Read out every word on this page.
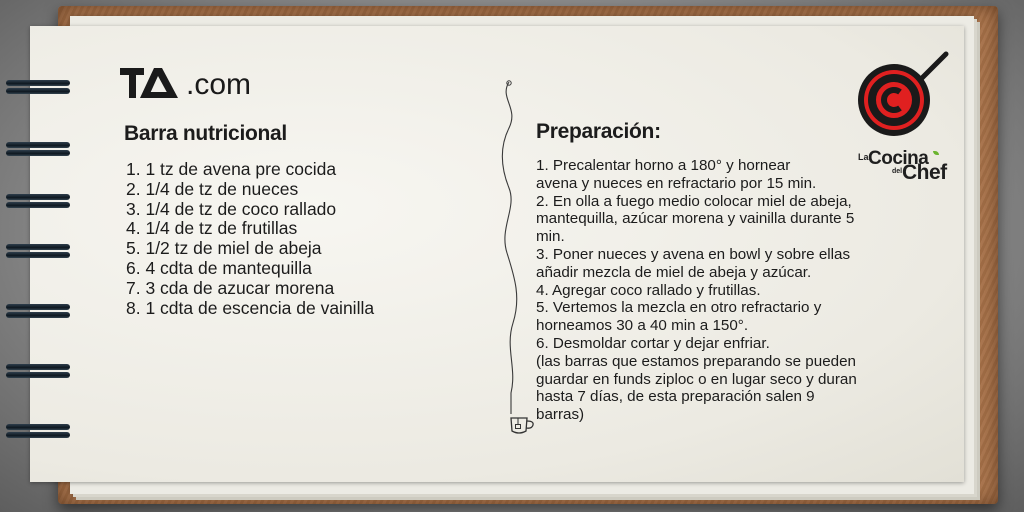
.com
Barra nutricional
1. 1 tz de avena pre cocida
2. 1/4 de tz de nueces
3. 1/4 de tz de coco rallado
4. 1/4 de tz de frutillas
5. 1/2 tz de miel de abeja
6. 4 cdta de mantequilla
7. 3 cda de azucar morena
8. 1 cdta de escencia de vainilla
Preparación:
1. Precalentar horno a 180° y hornear
avena y nueces en refractario por 15 min.
2. En olla a fuego medio colocar miel de abeja,
mantequilla, azúcar morena y vainilla durante 5
min.
3. Poner nueces y avena en bowl y sobre ellas
añadir mezcla de miel de abeja y azúcar.
4. Agregar coco rallado y frutillas.
5. Vertemos la mezcla en otro refractario y
horneamos 30 a 40 min a 150°.
6. Desmoldar cortar y dejar enfriar.
(las barras que estamos preparando se pueden
guardar en funds ziploc o en lugar seco y duran
hasta 7 días, de esta preparación salen 9
barras)
La Cocina
del Chef
